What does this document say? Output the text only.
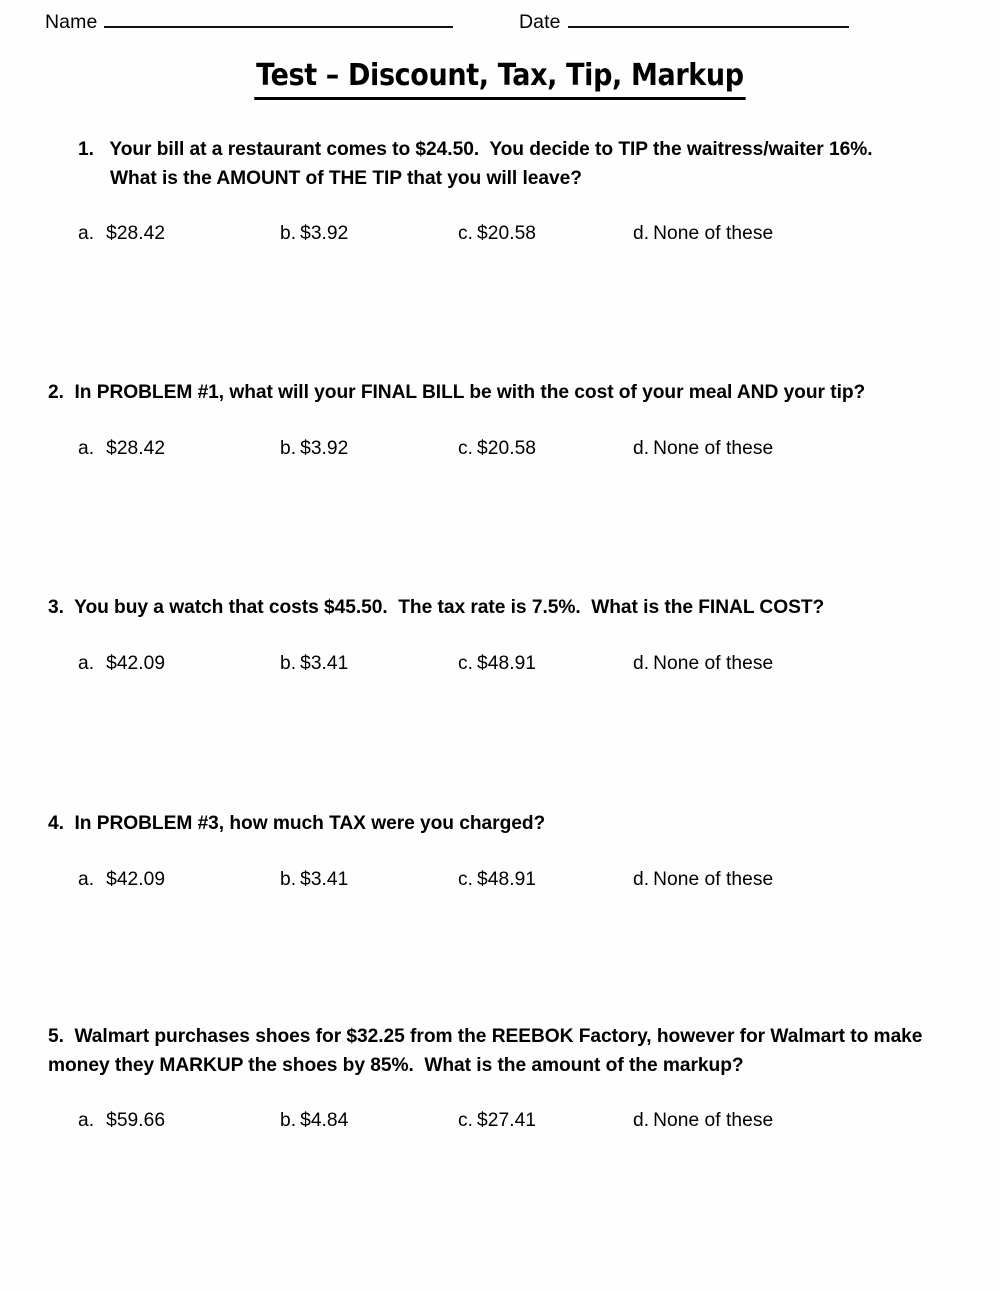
Name	Date
Test – Discount, Tax, Tip, Markup
1.   Your bill at a restaurant comes to $24.50.  You decide to TIP the waitress/waiter 16%.  What is the AMOUNT of THE TIP that you will leave?
a. $28.42	b. $3.92	c. $20.58	d. None of these
2.  In PROBLEM #1, what will your FINAL BILL be with the cost of your meal AND your tip?
a. $28.42	b. $3.92	c. $20.58	d. None of these
3.  You buy a watch that costs $45.50.  The tax rate is 7.5%.  What is the FINAL COST?
a. $42.09	b. $3.41	c. $48.91	d. None of these
4.  In PROBLEM #3, how much TAX were you charged?
a. $42.09	b. $3.41	c. $48.91	d. None of these
5.  Walmart purchases shoes for $32.25 from the REEBOK Factory, however for Walmart to make money they MARKUP the shoes by 85%.  What is the amount of the markup?
a. $59.66	b. $4.84	c. $27.41	d. None of these
